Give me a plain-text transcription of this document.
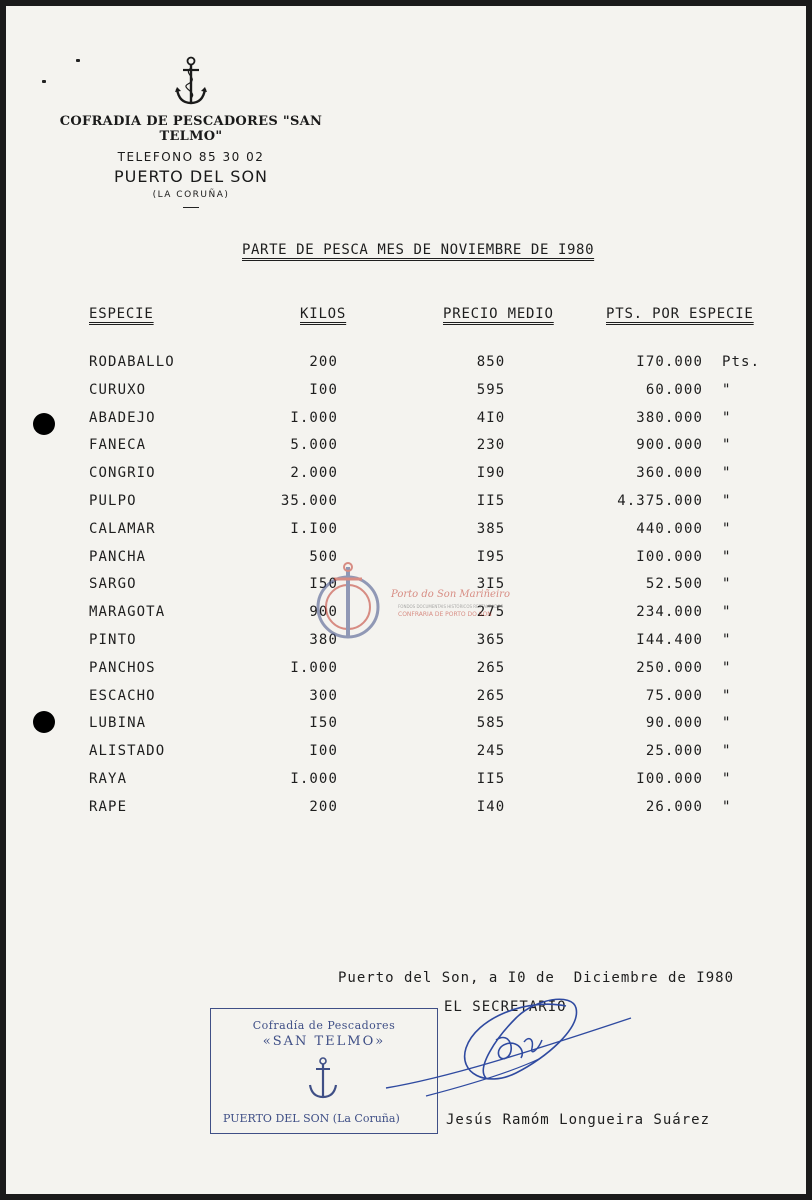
COFRADIA DE PESCADORES "SAN TELMO"
TELEFONO 85 30 02
PUERTO DEL SON
(LA CORUÑA)
PARTE DE PESCA MES DE NOVIEMBRE DE I980
ESPECIE	KILOS	PRECIO MEDIO	PTS. POR ESPECIE
RODABALLO	200	850	I70.000 Pts.
CURUXO	I00	595	60.000 "
ABADEJO	I.000	4I0	380.000 "
FANECA	5.000	230	900.000 "
CONGRIO	2.000	I90	360.000 "
PULPO	35.000	II5	4.375.000 "
CALAMAR	I.I00	385	440.000 "
PANCHA	500	I95	I00.000 "
SARGO	I50	3I5	52.500 "
MARAGOTA	900	275	234.000 "
PINTO	380	365	I44.400 "
PANCHOS	I.000	265	250.000 "
ESCACHO	300	265	75.000 "
LUBINA	I50	585	90.000 "
ALISTADO	I00	245	25.000 "
RAYA	I.000	II5	I00.000 "
RAPE	200	I40	26.000 "
Porto do Son Mariñeiro
FONDOS DOCUMENTAIS HISTÓRICOS RESTAURADOS
CONFRARIA DE PORTO DO SON
Puerto del Son, a I0 de  Diciembre de I980
EL SECRETARIO
Cofradía de Pescadores
«SAN TELMO»
PUERTO DEL SON (La Coruña)	Jesús Ramóm Longueira Suárez
